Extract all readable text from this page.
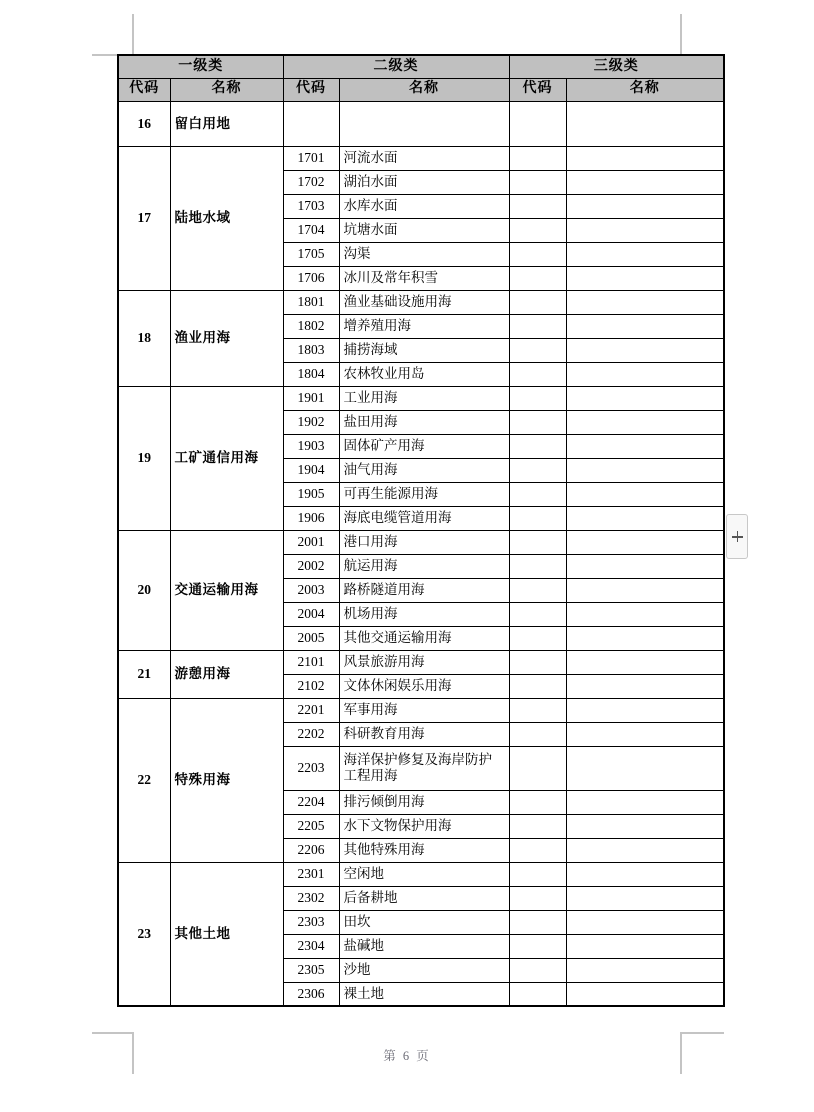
一级类		二级类		三级类	
代码	名称	代码	名称	代码	名称
16	留白用地				
17	陆地水域	1701	河流水面		
		1702	湖泊水面		
		1703	水库水面		
		1704	坑塘水面		
		1705	沟渠		
		1706	冰川及常年积雪		
18	渔业用海	1801	渔业基础设施用海		
		1802	增养殖用海		
		1803	捕捞海域		
		1804	农林牧业用岛		
19	工矿通信用海	1901	工业用海		
		1902	盐田用海		
		1903	固体矿产用海		
		1904	油气用海		
		1905	可再生能源用海		
		1906	海底电缆管道用海		
20	交通运输用海	2001	港口用海		
		2002	航运用海		
		2003	路桥隧道用海		
		2004	机场用海		
		2005	其他交通运输用海		
21	游憩用海	2101	风景旅游用海		
		2102	文体休闲娱乐用海		
22	特殊用海	2201	军事用海		
		2202	科研教育用海		
		2203	海洋保护修复及海岸防护工程用海		
		2204	排污倾倒用海		
		2205	水下文物保护用海		
		2206	其他特殊用海		
23	其他土地	2301	空闲地		
		2302	后备耕地		
		2303	田坎		
		2304	盐碱地		
		2305	沙地		
		2306	裸土地		
第 6 页
